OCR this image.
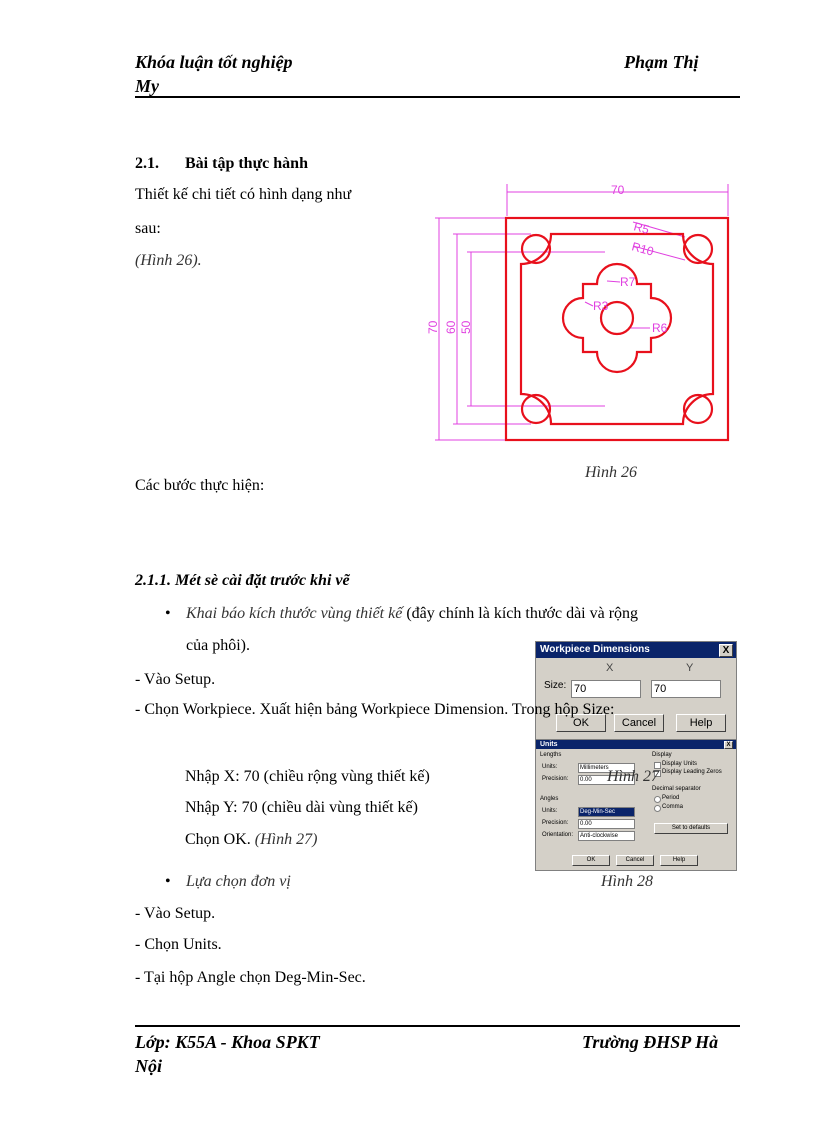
Khóa luận tốt nghiệp
My
Phạm Thị
2.1. Bài tập thực hành
Thiết kế chi tiết có hình dạng như
sau:
(Hình 26).
70
70 60 50
R5
R10
R7
R3
R6
Hình 26
Các bước thực hiện:
2.1.1. Mét sè cài đặt trước khi vẽ
• Khai báo kích thước vùng thiết kế (đây chính là kích thước dài và rộng
của phôi).
- Vào Setup.
Workpiece Dimensions	X
X	Y
Size: 70	70
OK	Cancel	Help
- Chọn Workpiece. Xuất hiện bảng Workpiece Dimension. Trong hộp Size:
Units	X
Lengths
Units:	Millimeters
Precision:	0.00
Angles
Units:	Deg-Min-Sec
Precision:	0.00
Orientation:	Anti-clockwise
Display
Display Units
Display Leading Zeros
Decimal separator
Period
Comma
Set to defaults
OK	Cancel	Help
Nhập X: 70 (chiều rộng vùng thiết kế)	Hình 27
Nhập Y: 70 (chiều dài vùng thiết kế)
Chọn OK. (Hình 27)
• Lựa chọn đơn vị	Hình 28
- Vào Setup.
- Chọn Units.
- Tại hộp Angle chọn Deg-Min-Sec.
Lớp: K55A - Khoa SPKT
Nội
Trường ĐHSP Hà
